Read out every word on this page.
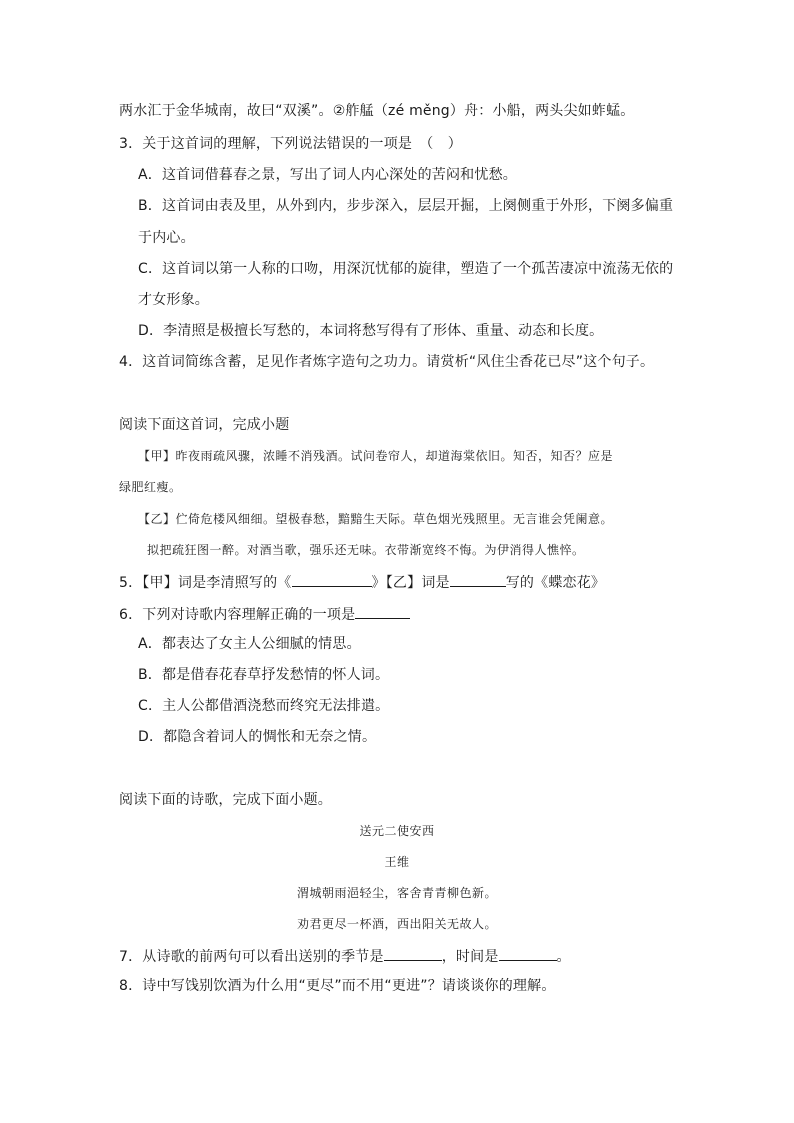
两水汇于金华城南，故曰“双溪”。②舴艋（zé měng）舟：小船，两头尖如蚱蜢。
3．关于这首词的理解，下列说法错误的一项是　（　）
A．这首词借暮春之景，写出了词人内心深处的苦闷和忧愁。
B．这首词由表及里，从外到内，步步深入，层层开掘，上阕侧重于外形，下阕多偏重
于内心。
C．这首词以第一人称的口吻，用深沉忧郁的旋律，塑造了一个孤苦凄凉中流荡无依的
才女形象。
D．李清照是极擅长写愁的，本词将愁写得有了形体、重量、动态和长度。
4．这首词简练含蓄，足见作者炼字造句之功力。请赏析“风住尘香花已尽”这个句子。
阅读下面这首词，完成小题
【甲】昨夜雨疏风骤，浓睡不消残酒。试问卷帘人，却道海棠依旧。知否，知否？应是
绿肥红瘦。
【乙】伫倚危楼风细细。望极春愁，黯黯生天际。草色烟光残照里。无言谁会凭阑意。
拟把疏狂图一醉。对酒当歌，强乐还无味。衣带渐宽终不悔。为伊消得人憔悴。
5．【甲】词是李清照写的《	》【乙】词是	写的《蝶恋花》
6．下列对诗歌内容理解正确的一项是
A．都表达了女主人公细腻的情思。
B．都是借春花春草抒发愁情的怀人词。
C．主人公都借酒浇愁而终究无法排遣。
D．都隐含着词人的惆怅和无奈之情。
阅读下面的诗歌，完成下面小题。
送元二使安西
王维
渭城朝雨浥轻尘，客舍青青柳色新。
劝君更尽一杯酒，西出阳关无故人。
7．从诗歌的前两句可以看出送别的季节是	，时间是	。
8．诗中写饯别饮酒为什么用“更尽”而不用“更进”？请谈谈你的理解。
